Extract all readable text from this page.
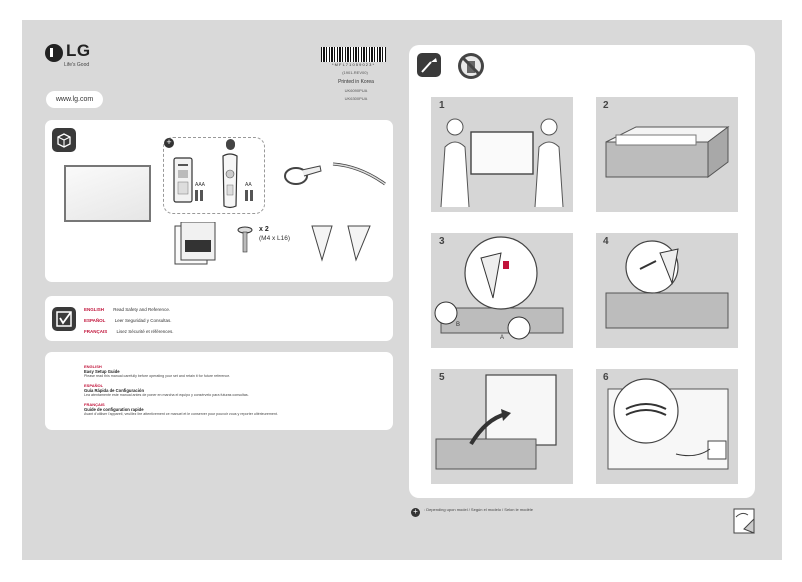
LG
Life's Good
www.lg.com
* M F L 7 1 0 5 9 0 2 3 *
(1901-REV00)
Printed in Korea
UK6090PUA
UK6300PUA
+
AAA	AA
x 2
(M4 x L16)
ENGLISH Read Safety and Reference.
ESPAÑOL Leer Seguridad y Consultas.
FRANÇAIS Lisez Sécurité et références.
ENGLISH
Easy Setup Guide
Please read this manual carefully before operating your set and retain it for future reference.
ESPAÑOL
Guía Rápida de Configuración
Lea atentamente este manual antes de poner en marcha el equipo y consérvelo para futuras consultas.
FRANÇAIS
Guide de configuration rapide
Avant d'utiliser l'appareil, veuillez lire attentivement ce manuel et le conserver pour pouvoir vous y reporter ultérieurement.
1	2
3
B
A
4
5	6
+	: Depending upon model / Según el modelo / Selon le modèle
